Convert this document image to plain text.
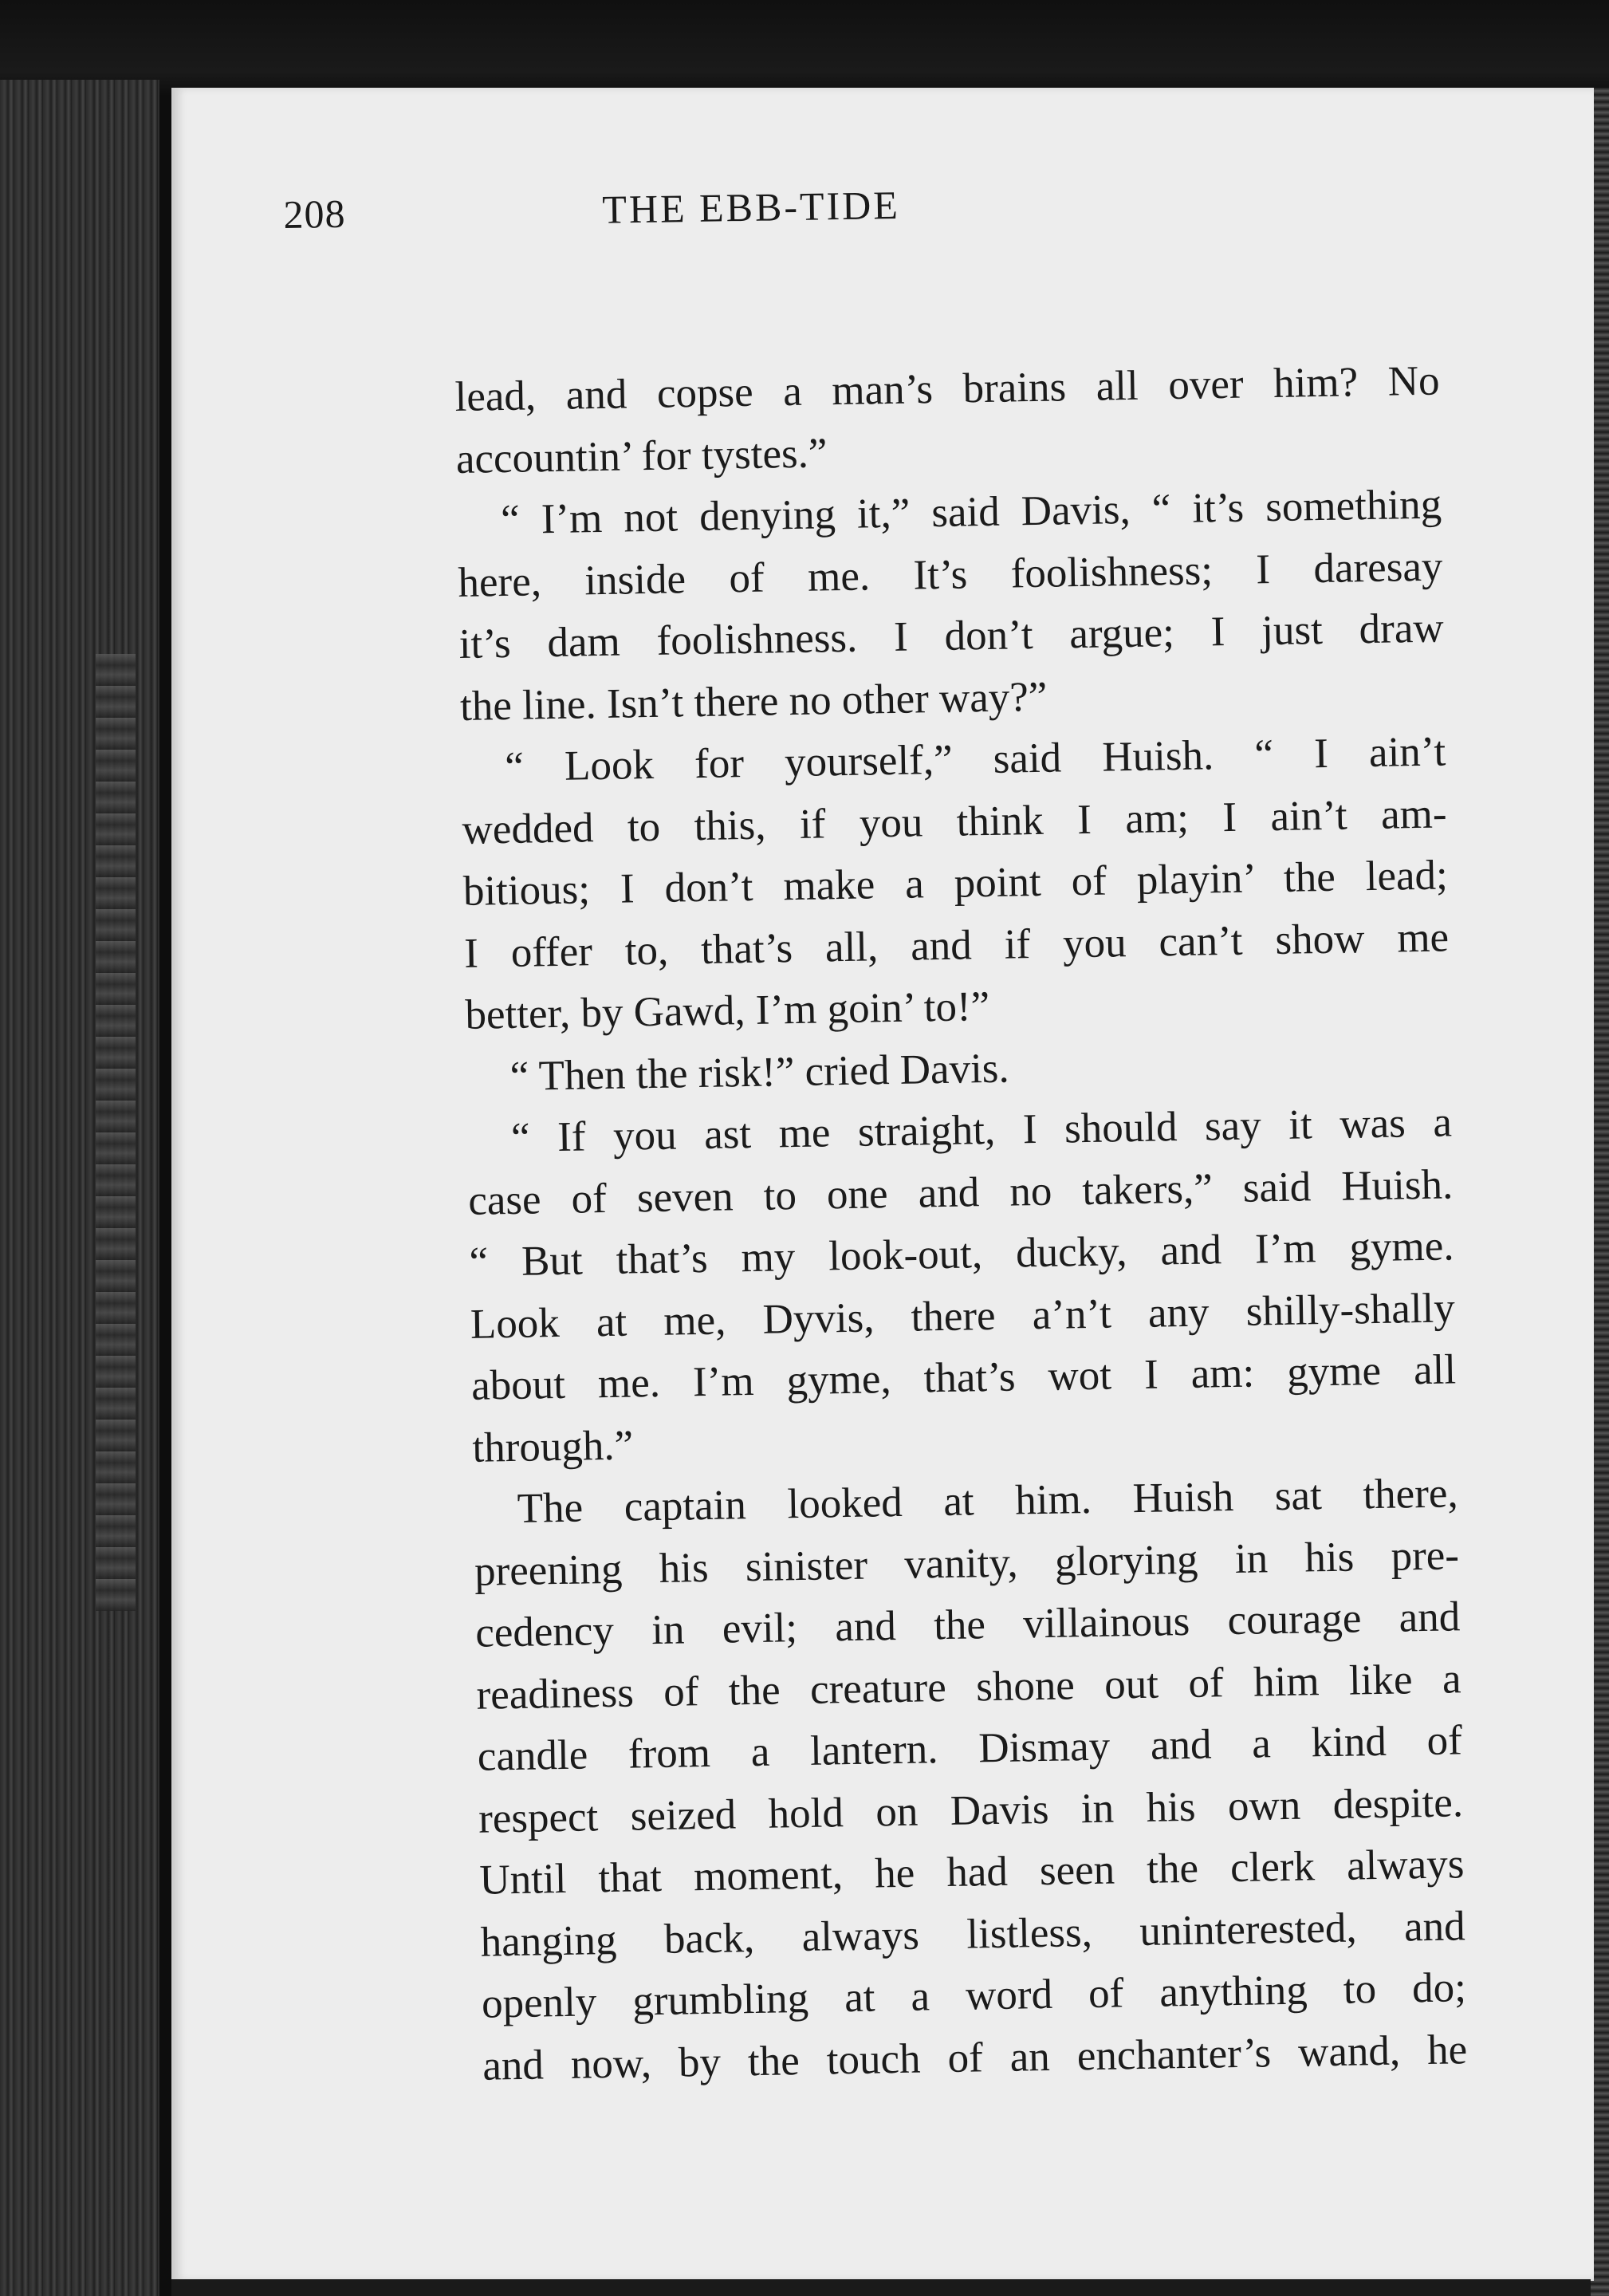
208	THE EBB-TIDE
lead, and copse a man’s brains all over him? No
accountin’ for tystes.”
“ I’m not denying it,” said Davis, “ it’s something
here, inside of me. It’s foolishness; I daresay
it’s dam foolishness. I don’t argue; I just draw
the line. Isn’t there no other way?”
“ Look for yourself,” said Huish. “ I ain’t
wedded to this, if you think I am; I ain’t am-
bitious; I don’t make a point of playin’ the lead;
I offer to, that’s all, and if you can’t show me
better, by Gawd, I’m goin’ to!”
“ Then the risk!” cried Davis.
“ If you ast me straight, I should say it was a
case of seven to one and no takers,” said Huish.
“ But that’s my look-out, ducky, and I’m gyme.
Look at me, Dyvis, there a’n’t any shilly-shally
about me. I’m gyme, that’s wot I am: gyme all
through.”
The captain looked at him. Huish sat there,
preening his sinister vanity, glorying in his pre-
cedency in evil; and the villainous courage and
readiness of the creature shone out of him like a
candle from a lantern. Dismay and a kind of
respect seized hold on Davis in his own despite.
Until that moment, he had seen the clerk always
hanging back, always listless, uninterested, and
openly grumbling at a word of anything to do;
and now, by the touch of an enchanter’s wand, he
